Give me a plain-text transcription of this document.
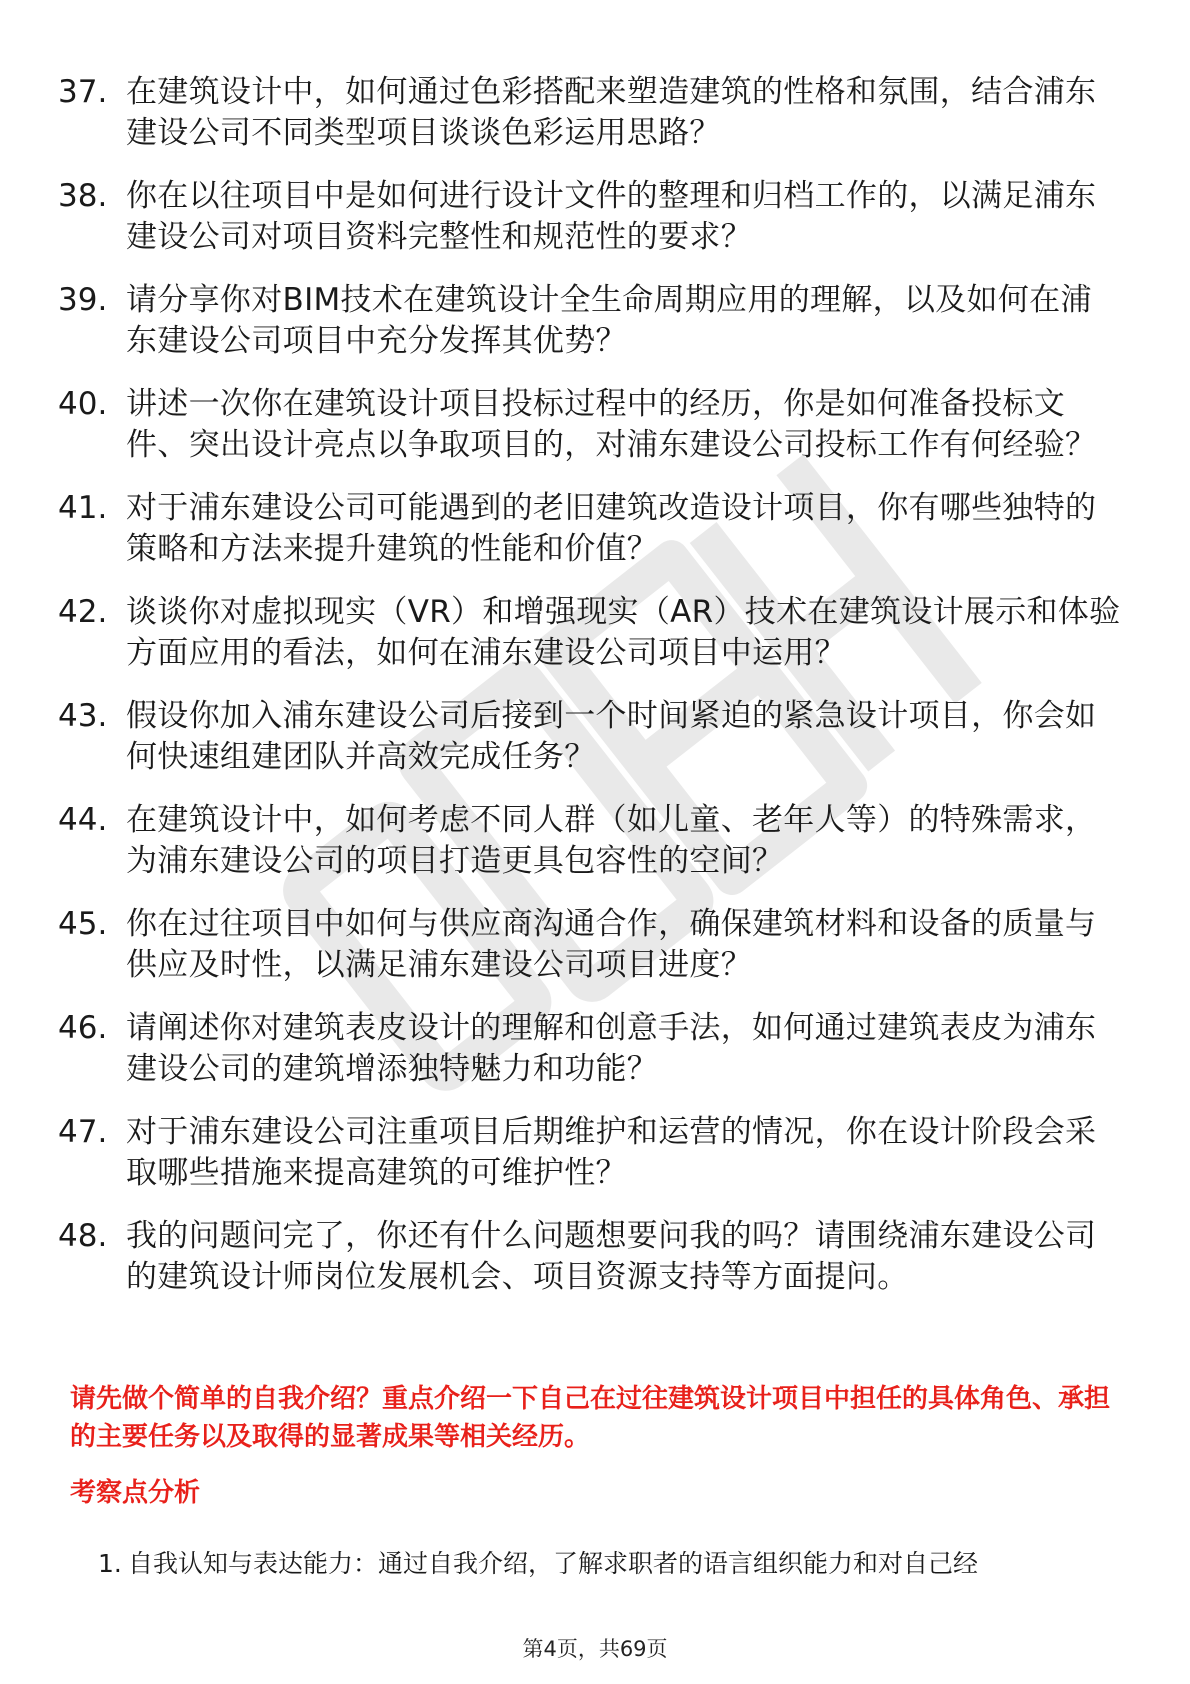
37. 在建筑设计中，如何通过色彩搭配来塑造建筑的性格和氛围，结合浦东建设公司不同类型项目谈谈色彩运用思路？
38. 你在以往项目中是如何进行设计文件的整理和归档工作的，以满足浦东建设公司对项目资料完整性和规范性的要求？
39. 请分享你对BIM技术在建筑设计全生命周期应用的理解，以及如何在浦东建设公司项目中充分发挥其优势？
40. 讲述一次你在建筑设计项目投标过程中的经历，你是如何准备投标文件、突出设计亮点以争取项目的，对浦东建设公司投标工作有何经验？
41. 对于浦东建设公司可能遇到的老旧建筑改造设计项目，你有哪些独特的策略和方法来提升建筑的性能和价值？
42. 谈谈你对虚拟现实（VR）和增强现实（AR）技术在建筑设计展示和体验方面应用的看法，如何在浦东建设公司项目中运用？
43. 假设你加入浦东建设公司后接到一个时间紧迫的紧急设计项目，你会如何快速组建团队并高效完成任务？
44. 在建筑设计中，如何考虑不同人群（如儿童、老年人等）的特殊需求，为浦东建设公司的项目打造更具包容性的空间？
45. 你在过往项目中如何与供应商沟通合作，确保建筑材料和设备的质量与供应及时性，以满足浦东建设公司项目进度？
46. 请阐述你对建筑表皮设计的理解和创意手法，如何通过建筑表皮为浦东建设公司的建筑增添独特魅力和功能？
47. 对于浦东建设公司注重项目后期维护和运营的情况，你在设计阶段会采取哪些措施来提高建筑的可维护性？
48. 我的问题问完了，你还有什么问题想要问我的吗？请围绕浦东建设公司的建筑设计师岗位发展机会、项目资源支持等方面提问。
请先做个简单的自我介绍？重点介绍一下自己在过往建筑设计项目中担任的具体角色、承担的主要任务以及取得的显著成果等相关经历。
考察点分析
1. 自我认知与表达能力：通过自我介绍，了解求职者的语言组织能力和对自己经
第4页，共69页
